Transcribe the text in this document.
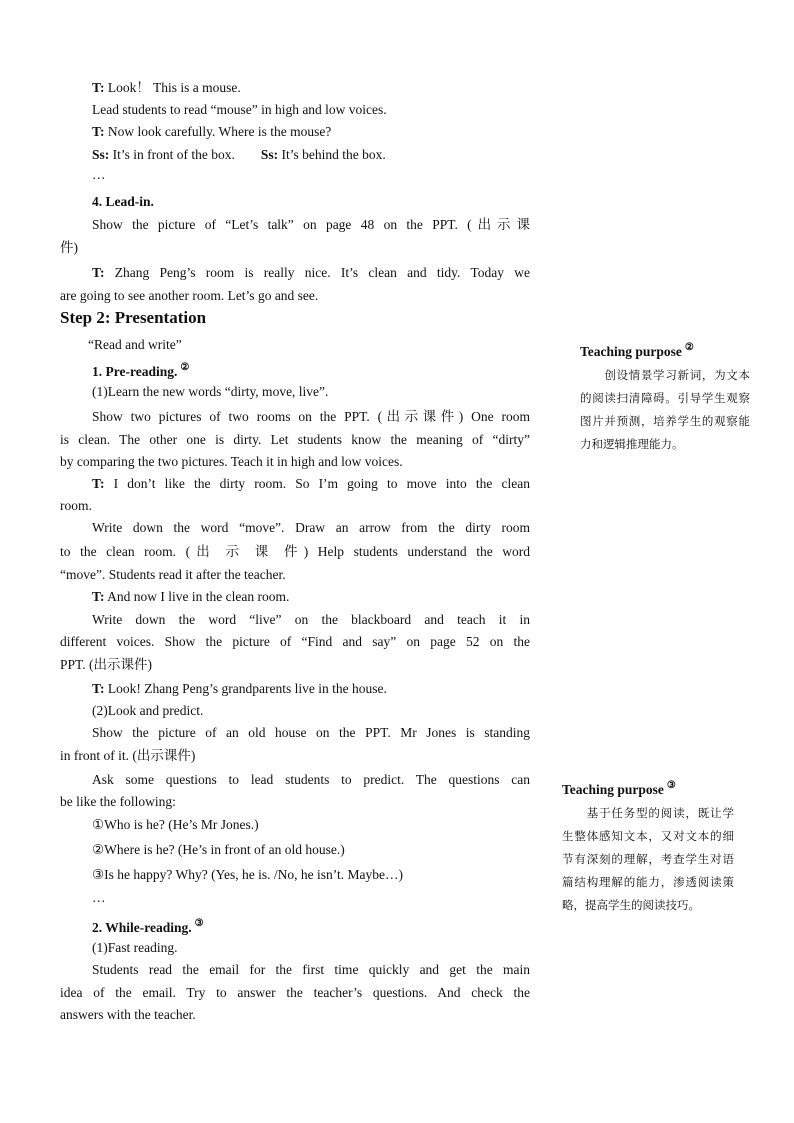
T: Look！ This is a mouse.
Lead students to read “mouse” in high and low voices.
T: Now look carefully. Where is the mouse?
Ss: It’s in front of the box. Ss: It’s behind the box.
…
4. Lead-in.
Show the picture of “Let’s talk” on page 48 on the PPT. (出示课
件)
T: Zhang Peng’s room is really nice. It’s clean and tidy. Today we
are going to see another room. Let’s go and see.
Step 2: Presentation
“Read and write”
1. Pre-reading. ②
(1)Learn the new words “dirty, move, live”.
Show two pictures of two rooms on the PPT. (出示课件) One room
is clean. The other one is dirty. Let students know the meaning of “dirty”
by comparing the two pictures. Teach it in high and low voices.
T: I don’t like the dirty room. So I’m going to move into the clean
room.
Write down the word “move”. Draw an arrow from the dirty room
to the clean room. (出 示 课 件) Help students understand the word
“move”. Students read it after the teacher.
T: And now I live in the clean room.
Write down the word “live” on the blackboard and teach it in
different voices. Show the picture of “Find and say” on page 52 on the
PPT. (出示课件)
T: Look! Zhang Peng’s grandparents live in the house.
(2)Look and predict.
Show the picture of an old house on the PPT. Mr Jones is standing
in front of it. (出示课件)
Ask some questions to lead students to predict. The questions can
be like the following:
①Who is he? (He’s Mr Jones.)
②Where is he? (He’s in front of an old house.)
③Is he happy? Why? (Yes, he is. /No, he isn’t. Maybe…)
…
2. While-reading. ③
(1)Fast reading.
Students read the email for the first time quickly and get the main
idea of the email. Try to answer the teacher’s questions. And check the
answers with the teacher.
Teaching purpose ②
　　创设情景学习新词，为文本的阅读扫清障碍。引导学生观察图片并预测，培养学生的观察能力和逻辑推理能力。
Teaching purpose ③
　　基于任务型的阅读，既让学生整体感知文本，又对文本的细节有深刻的理解，考查学生对语篇结构理解的能力，渗透阅读策略，提高学生的阅读技巧。
